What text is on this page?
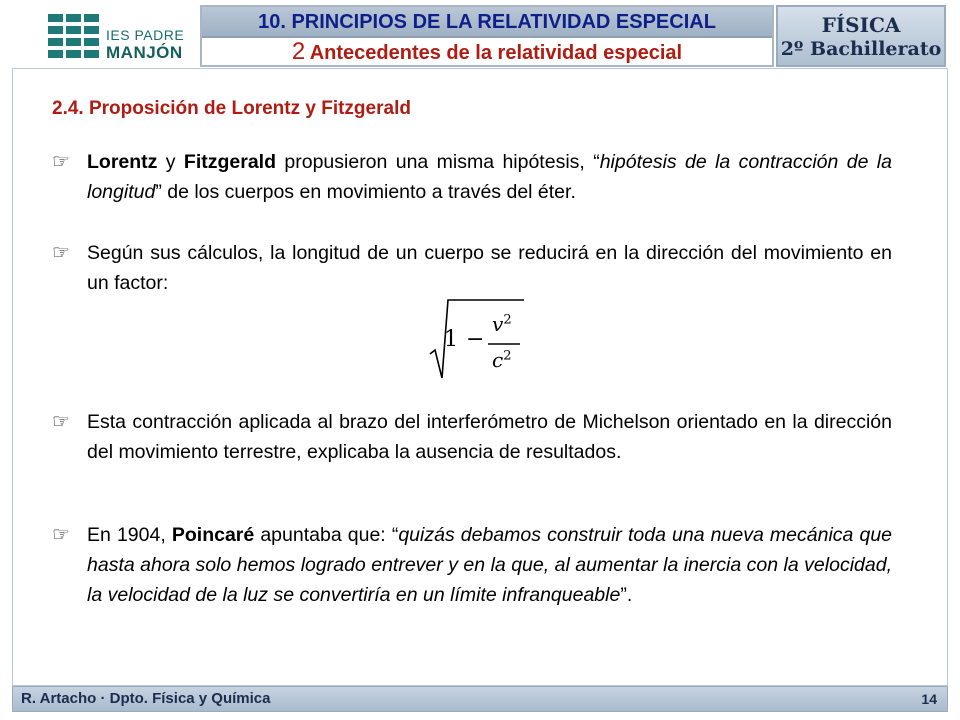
IES PADRE
MANJÓN
10. PRINCIPIOS DE LA RELATIVIDAD ESPECIAL
2 Antecedentes de la relatividad especial
FÍSICA
2º Bachillerato
2.4. Proposición de Lorentz y Fitzgerald
☞ Lorentz y Fitzgerald propusieron una misma hipótesis, “hipótesis de la contracción de la longitud” de los cuerpos en movimiento a través del éter.
☞ Según sus cálculos, la longitud de un cuerpo se reducirá en la dirección del movimiento en un factor:
1 −
$v^2$
$c^2$
☞ Esta contracción aplicada al brazo del interferómetro de Michelson orientado en la dirección del movimiento terrestre, explicaba la ausencia de resultados.
☞ En 1904, Poincaré apuntaba que: “quizás debamos construir toda una nueva mecánica que hasta ahora solo hemos logrado entrever y en la que, al aumentar la inercia con la velocidad, la velocidad de la luz se convertiría en un límite infranqueable”.
R. Artacho · Dpto. Física y Química	14
